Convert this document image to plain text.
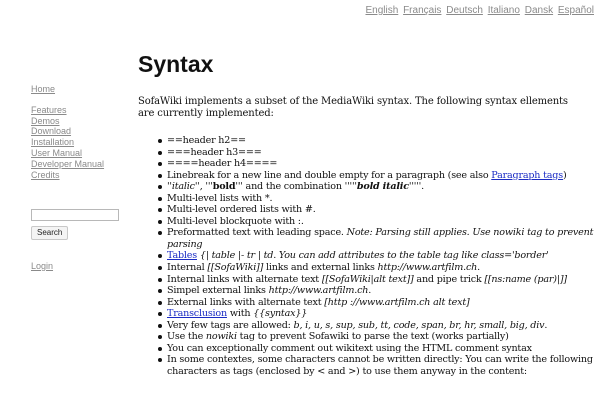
English Français Deutsch Italiano Dansk Español
Home
Features
Demos
Download
Installation
User Manual
Developer Manual
Credits
Search
Login
Syntax

SofaWiki implements a subset of the MediaWiki syntax. The following syntax ellements are currently implemented:

==header h2==
===header h3===
====header h4====
Linebreak for a new line and double empty for a paragraph (see also Paragraph tags)
''italic'', '''bold''' and the combination '''''bold italic'''''.
Multi-level lists with *.
Multi-level ordered lists with #.
Multi-level blockquote with :.
Preformatted text with leading space. Note: Parsing still applies. Use nowiki tag to prevent parsing
Tables {| table |- tr | td. You can add attributes to the table tag like class='border'
Internal [[SofaWiki]] links and external links http://www.artfilm.ch.
Internal links with alternate text [[SofaWiki|alt text]] and pipe trick [[ns:name (par)|]]
Simpel external links http://www.artfilm.ch.
External links with alternate text [http ://www.artfilm.ch alt text]
Transclusion with {{syntax}}
Very few tags are allowed: b, i, u, s, sup, sub, tt, code, span, br, hr, small, big, div.
Use the nowiki tag to prevent Sofawiki to parse the text (works partially)
You can exceptionally comment out wikitext using the HTML comment syntax
In some contextes, some characters cannot be written directly: You can write the following characters as tags (enclosed by < and >) to use them anyway in the content:
